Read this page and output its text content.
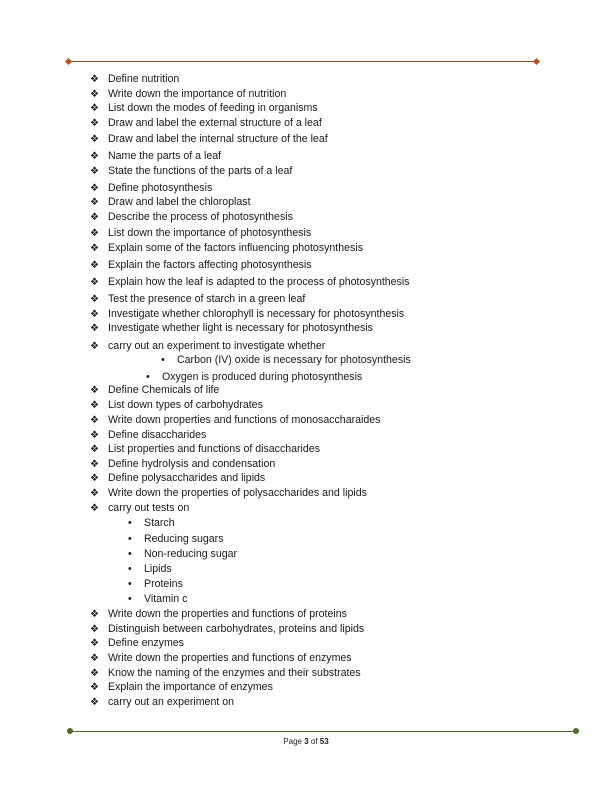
❖ Define nutrition
❖ Write down the importance of nutrition
❖ List down the modes of feeding in organisms
❖ Draw and label the external structure of a leaf
❖ Draw and label the internal structure of the leaf
❖ Name the parts of a leaf
❖ State the functions of the parts of a leaf
❖ Define photosynthesis
❖ Draw and label the chloroplast
❖ Describe the process of photosynthesis
❖ List down the importance of photosynthesis
❖ Explain some of the factors influencing photosynthesis
❖ Explain the factors affecting photosynthesis
❖ Explain how the leaf is adapted to the process of photosynthesis
❖ Test the presence of starch in a green leaf
❖ Investigate whether chlorophyll is necessary for photosynthesis
❖ Investigate whether light is necessary for photosynthesis
❖ carry out an experiment to investigate whether
• Carbon (IV) oxide is necessary for photosynthesis
• Oxygen is produced during photosynthesis
❖ Define Chemicals of life
❖ List down types of carbohydrates
❖ Write down properties and functions of monosaccharaides
❖ Define disaccharides
❖ List properties and functions of disaccharides
❖ Define hydrolysis and condensation
❖ Define polysaccharides and lipids
❖ Write down the properties of polysaccharides and lipids
❖ carry out tests on
• Starch
• Reducing sugars
• Non-reducing sugar
• Lipids
• Proteins
• Vitamin c
❖ Write down the properties and functions of proteins
❖ Distinguish between carbohydrates, proteins and lipids
❖ Define enzymes
❖ Write down the properties and functions of enzymes
❖ Know the naming of the enzymes and their substrates
❖ Explain the importance of enzymes
❖ carry out an experiment on
Page 3 of 53
